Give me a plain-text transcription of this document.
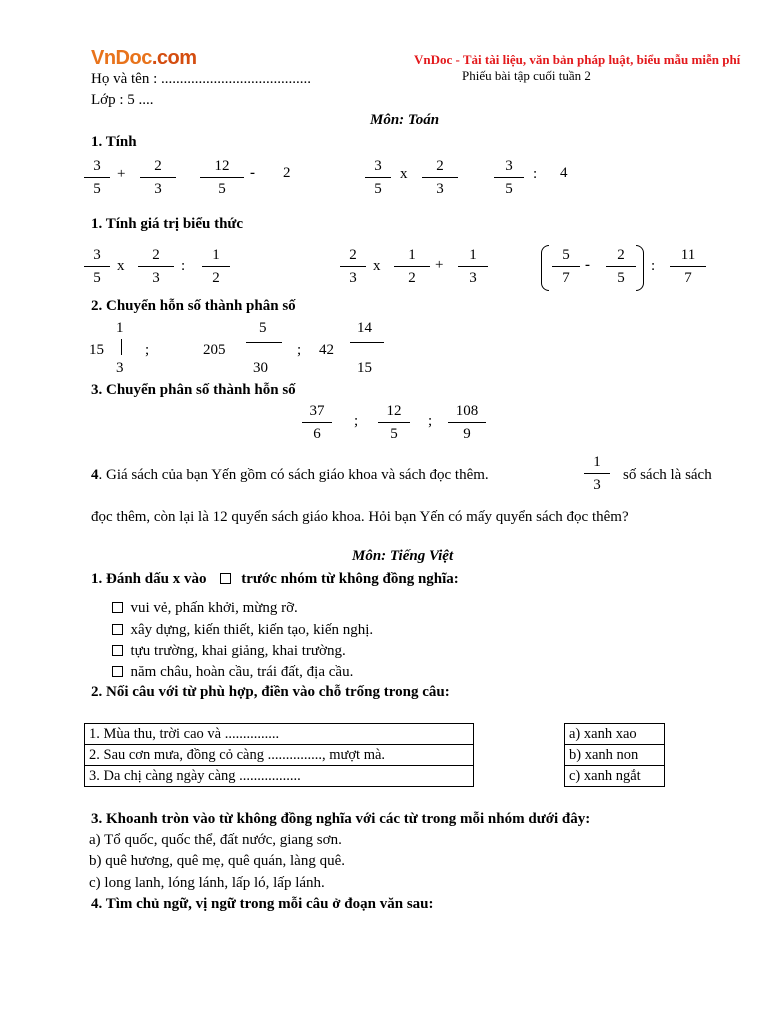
VnDoc.com	VnDoc - Tải tài liệu, văn bản pháp luật, biểu mẫu miễn phí
Phiếu bài tập cuối tuần 2
Họ và tên : ........................................
Lớp : 5 ....
Môn: Toán
1. Tính
$\frac{3}{5} + \frac{2}{3} \frac{12}{5} - 2$	$\frac{3}{5}$ x $\frac{2}{3} \frac{3}{5}$ : 4
1. Tính giá trị biểu thức
$\frac{3}{5}$ x $\frac{2}{3}$ : $\frac{1}{2}$	$\frac{2}{3}$ x $\frac{1}{2} + \frac{1}{3}$	$\frac{5}{7} - \frac{2}{5}$ : $\frac{11}{7}$
2. Chuyển hỗn số thành phân số
15
1
3
;	205
5
30
; 42
14
15
3. Chuyển phân số thành hỗn số
$\frac{37}{6}$ ; $\frac{12}{5}$ ; $\frac{108}{9}$
4. Giá sách của bạn Yến gồm có sách giáo khoa và sách đọc thêm.	$\frac{1}{3}$ số sách là sách
đọc thêm, còn lại là 12 quyển sách giáo khoa. Hỏi bạn Yến có mấy quyển sách đọc thêm?
Môn: Tiếng Việt
1. Đánh dấu x vào trước nhóm từ không đồng nghĩa:
vui vẻ, phấn khởi, mừng rỡ.
xây dựng, kiến thiết, kiến tạo, kiến nghị.
tựu trường, khai giảng, khai trường.
năm châu, hoàn cầu, trái đất, địa cầu.
2. Nối câu với từ phù hợp, điền vào chỗ trống trong câu:
1. Mùa thu, trời cao và ...............
2. Sau cơn mưa, đồng cỏ càng ..............., mượt mà.
3. Da chị càng ngày càng .................
a) xanh xao
b) xanh non
c) xanh ngắt
3. Khoanh tròn vào từ không đồng nghĩa với các từ trong mỗi nhóm dưới đây:
a) Tổ quốc, quốc thể, đất nước, giang sơn.
b) quê hương, quê mẹ, quê quán, làng quê.
c) long lanh, lóng lánh, lấp ló, lấp lánh.
4. Tìm chủ ngữ, vị ngữ trong mỗi câu ở đoạn văn sau:
